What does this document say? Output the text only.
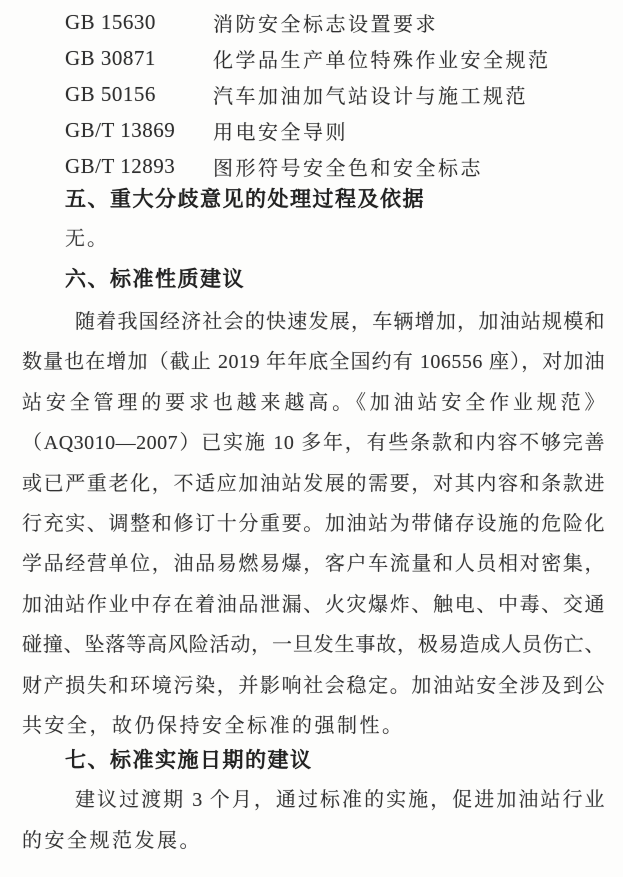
GB 15630	消防安全标志设置要求
GB 30871	化学品生产单位特殊作业安全规范
GB 50156	汽车加油加气站设计与施工规范
GB/T 13869	用电安全导则
GB/T 12893	图形符号安全色和安全标志
五、重大分歧意见的处理过程及依据
无。
六、标准性质建议
随着我国经济社会的快速发展，车辆增加，加油站规模和
数量也在增加（截止 2019 年年底全国约有 106556 座），对加油
站安全管理的要求也越来越高。《加油站安全作业规范》
（AQ3010—2007）已实施 10 多年，有些条款和内容不够完善
或已严重老化，不适应加油站发展的需要，对其内容和条款进
行充实、调整和修订十分重要。加油站为带储存设施的危险化
学品经营单位，油品易燃易爆，客户车流量和人员相对密集，
加油站作业中存在着油品泄漏、火灾爆炸、触电、中毒、交通
碰撞、坠落等高风险活动，一旦发生事故，极易造成人员伤亡、
财产损失和环境污染，并影响社会稳定。加油站安全涉及到公
共安全，故仍保持安全标准的强制性。
七、标准实施日期的建议
建议过渡期 3 个月，通过标准的实施，促进加油站行业
的安全规范发展。
